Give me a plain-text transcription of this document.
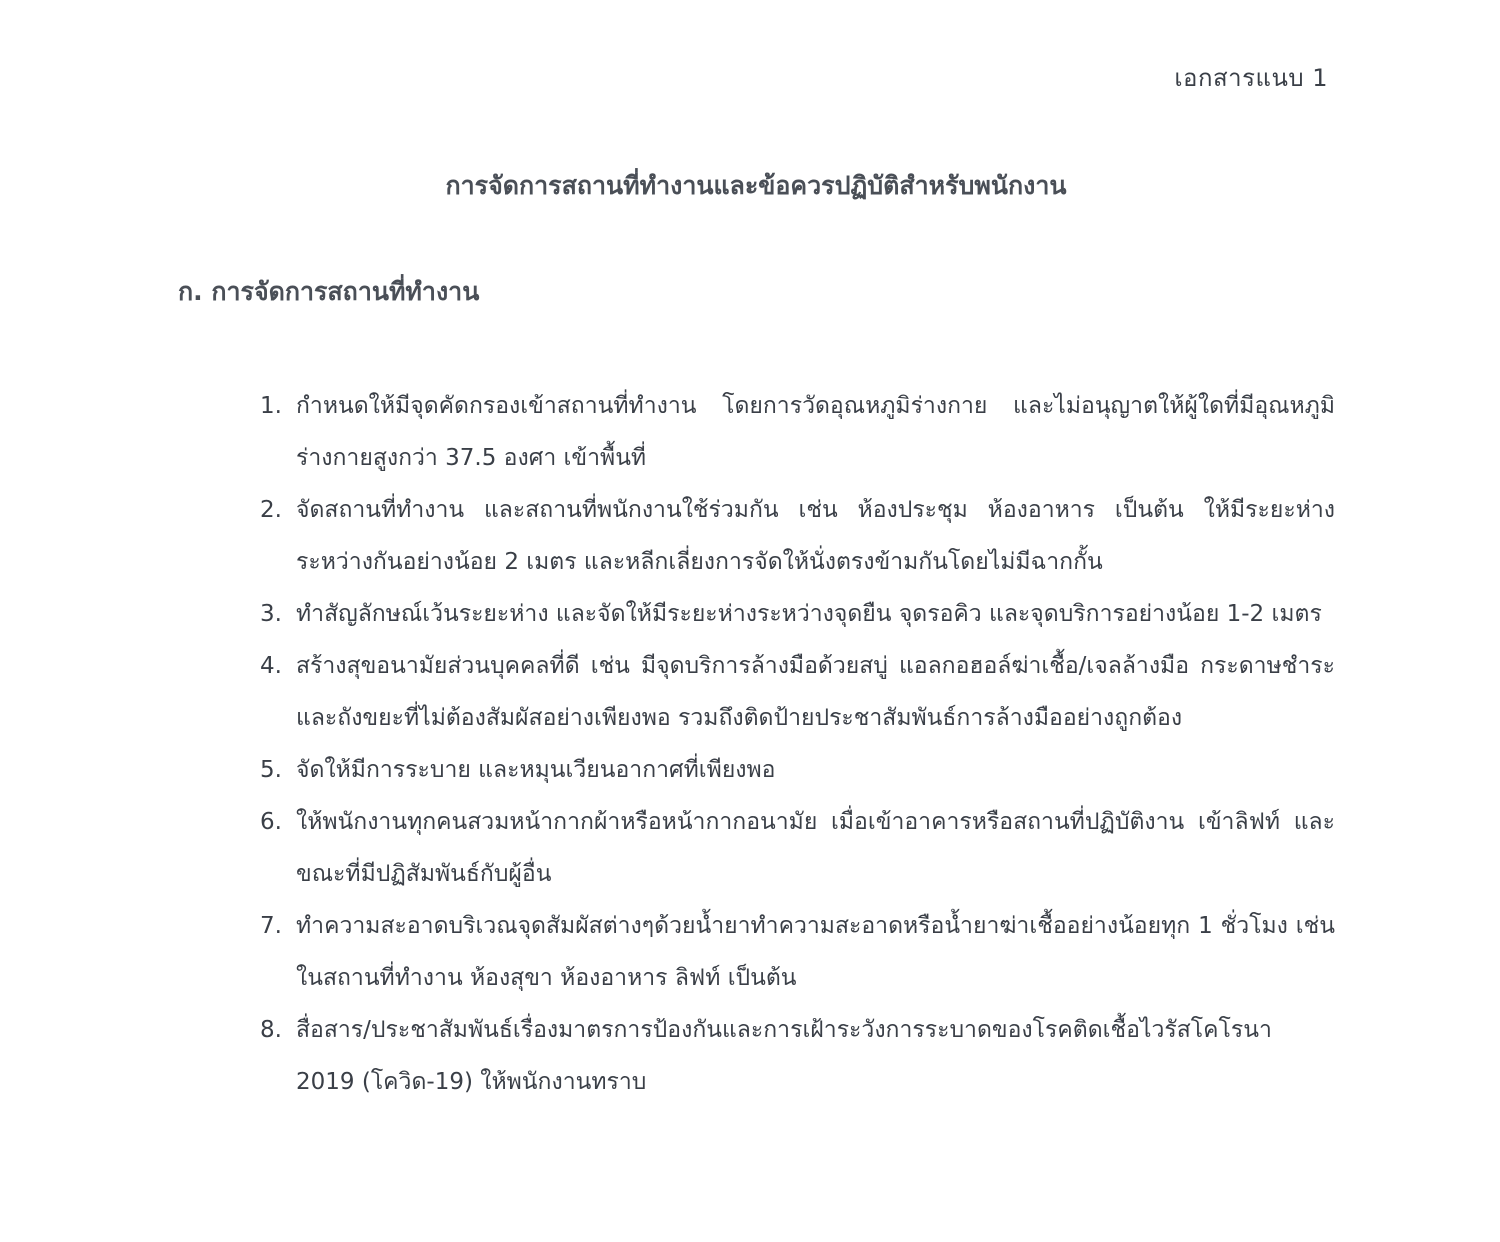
เอกสารแนบ 1
การจัดการสถานที่ทำงานและข้อควรปฏิบัติสำหรับพนักงาน
ก. การจัดการสถานที่ทำงาน
1. กำหนดให้มีจุดคัดกรองเข้าสถานที่ทำงาน โดยการวัดอุณหภูมิร่างกาย และไม่อนุญาตให้ผู้ใดที่มีอุณหภูมิร่างกายสูงกว่า 37.5 องศา เข้าพื้นที่
2. จัดสถานที่ทำงาน และสถานที่พนักงานใช้ร่วมกัน เช่น ห้องประชุม ห้องอาหาร เป็นต้น ให้มีระยะห่างระหว่างกันอย่างน้อย 2 เมตร และหลีกเลี่ยงการจัดให้นั่งตรงข้ามกันโดยไม่มีฉากกั้น
3. ทำสัญลักษณ์เว้นระยะห่าง และจัดให้มีระยะห่างระหว่างจุดยืน จุดรอคิว และจุดบริการอย่างน้อย 1-2 เมตร
4. สร้างสุขอนามัยส่วนบุคคลที่ดี เช่น มีจุดบริการล้างมือด้วยสบู่ แอลกอฮอล์ฆ่าเชื้อ/เจลล้างมือ กระดาษชำระ และถังขยะที่ไม่ต้องสัมผัสอย่างเพียงพอ รวมถึงติดป้ายประชาสัมพันธ์การล้างมืออย่างถูกต้อง
5. จัดให้มีการระบาย และหมุนเวียนอากาศที่เพียงพอ
6. ให้พนักงานทุกคนสวมหน้ากากผ้าหรือหน้ากากอนามัย เมื่อเข้าอาคารหรือสถานที่ปฏิบัติงาน เข้าลิฟท์ และขณะที่มีปฏิสัมพันธ์กับผู้อื่น
7. ทำความสะอาดบริเวณจุดสัมผัสต่างๆด้วยน้ำยาทำความสะอาดหรือน้ำยาฆ่าเชื้ออย่างน้อยทุก 1 ชั่วโมง เช่น ในสถานที่ทำงาน ห้องสุขา ห้องอาหาร ลิฟท์ เป็นต้น
8. สื่อสาร/ประชาสัมพันธ์เรื่องมาตรการป้องกันและการเฝ้าระวังการระบาดของโรคติดเชื้อไวรัสโคโรนา 2019 (โควิด-19) ให้พนักงานทราบ
